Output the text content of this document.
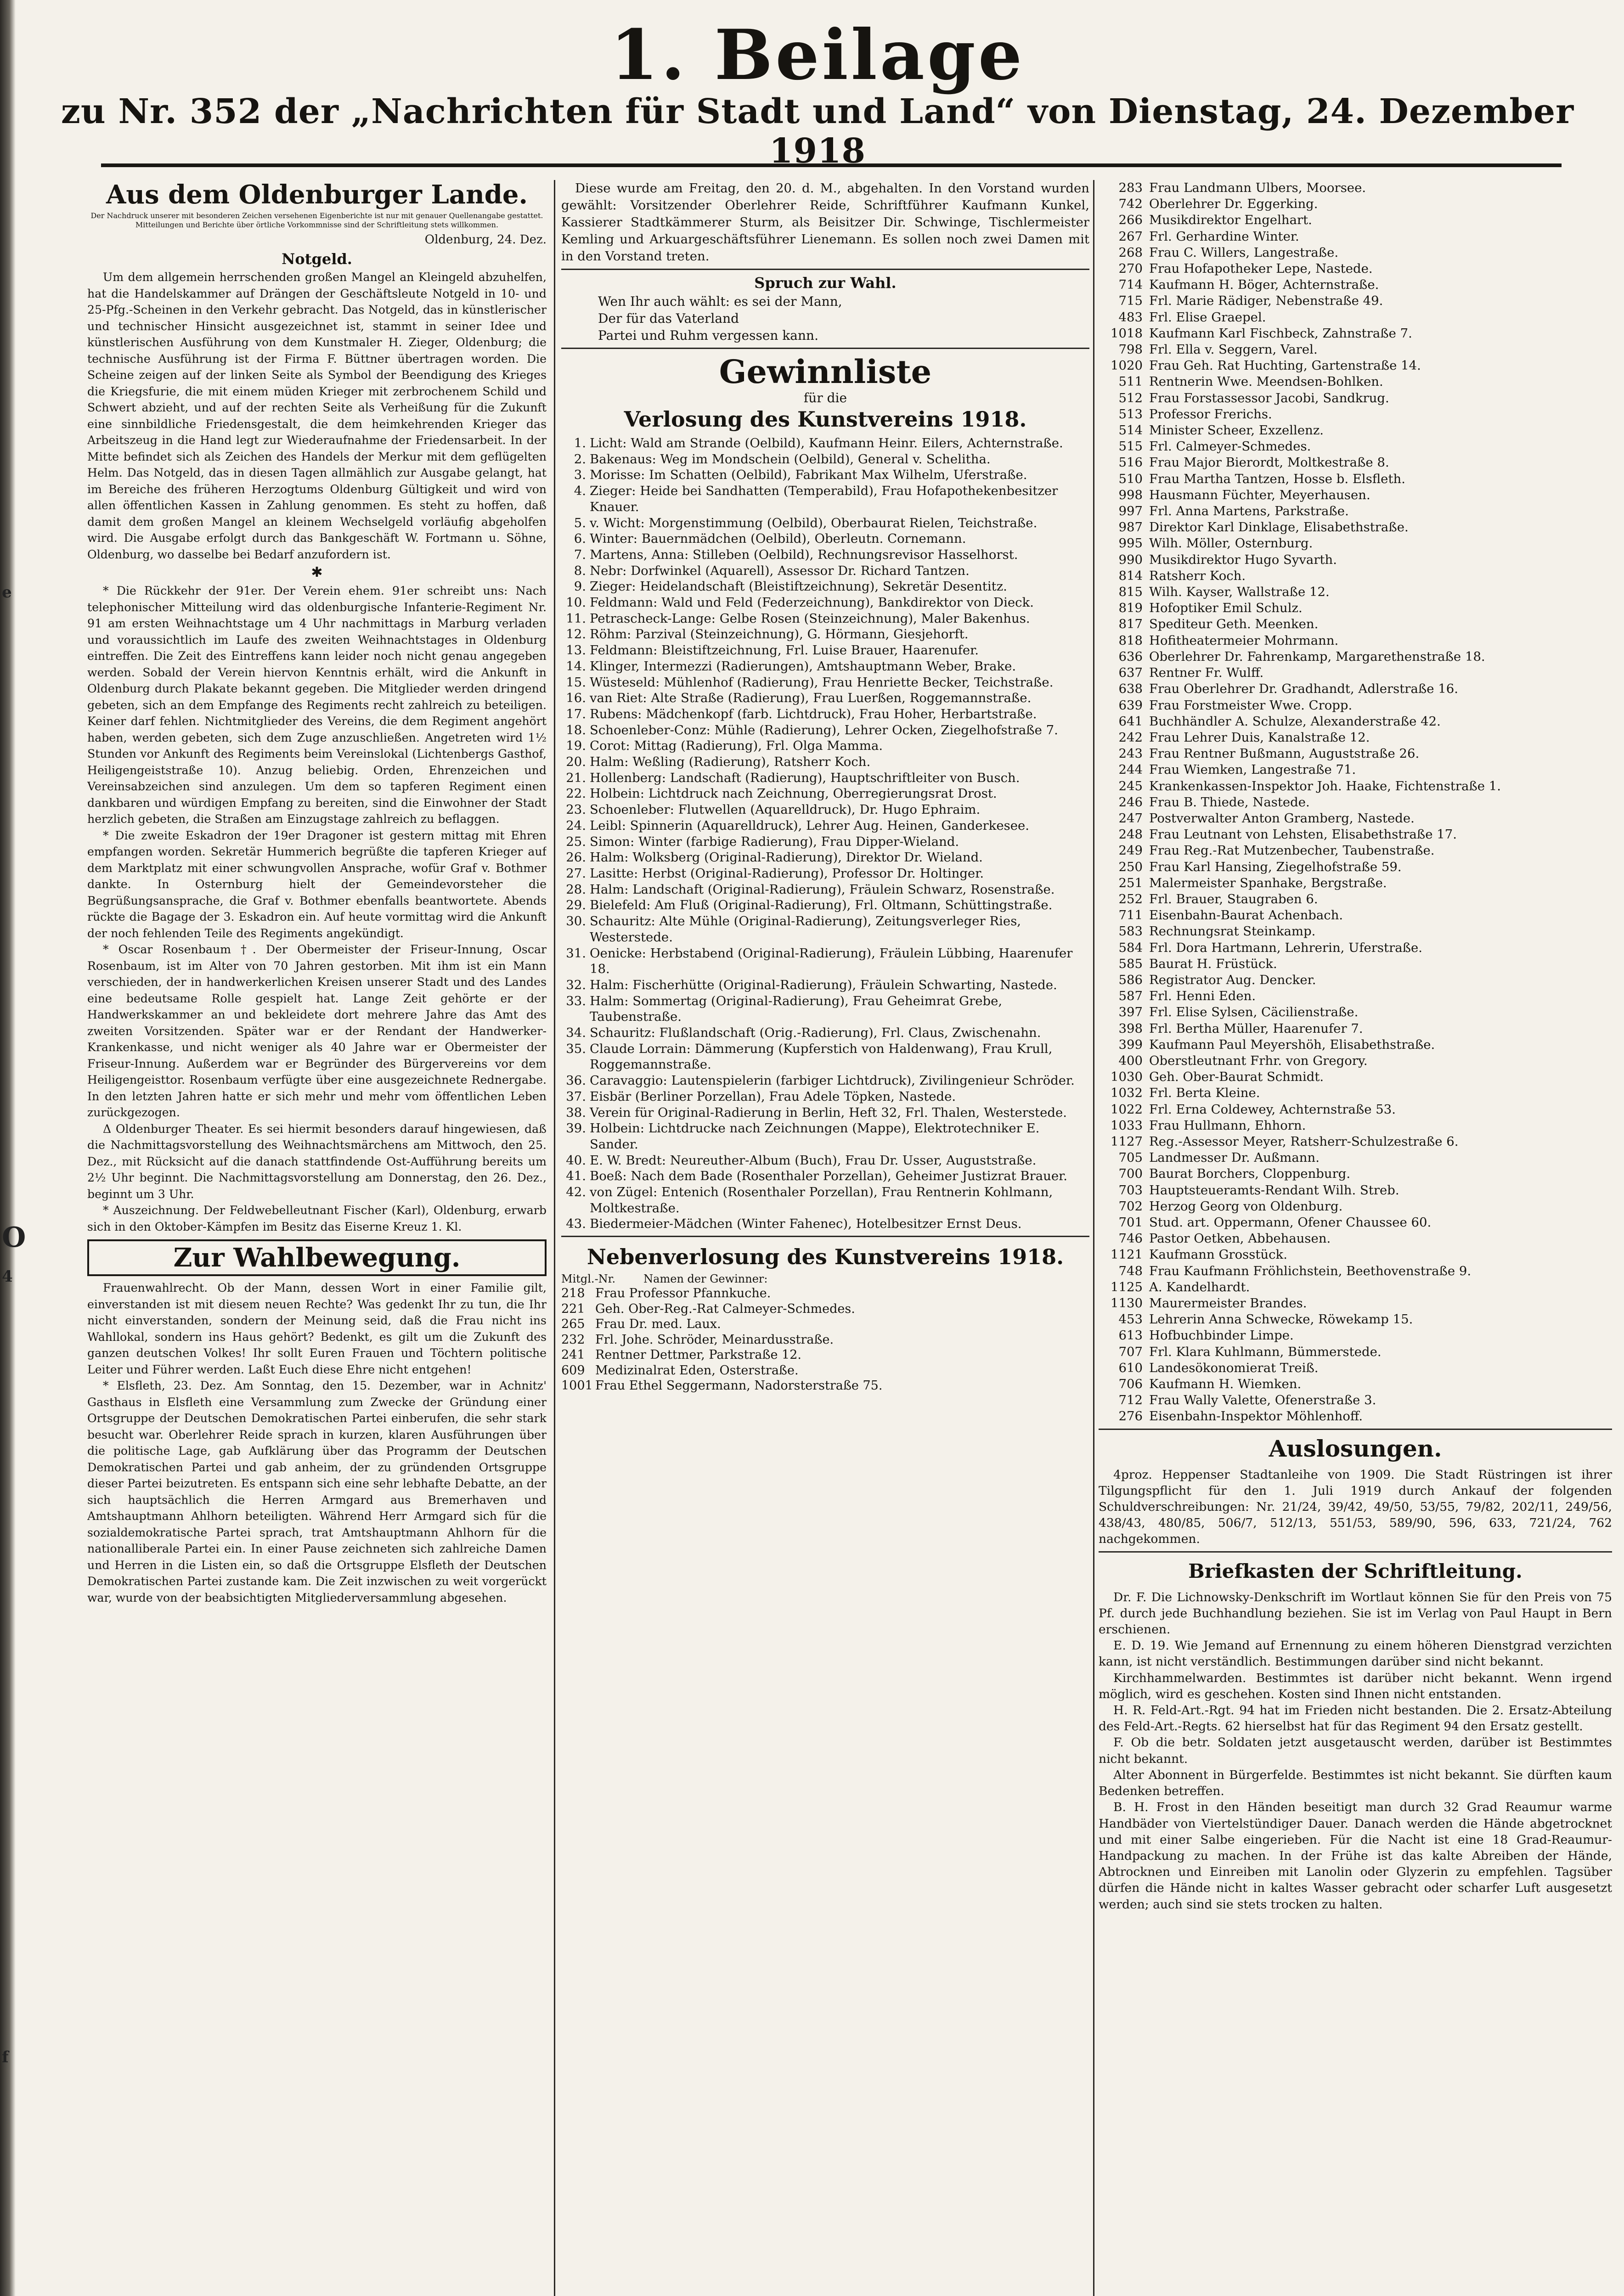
e
O
4
f
1. Beilage
zu Nr. 352 der „Nachrichten für Stadt und Land“ von Dienstag, 24. Dezember 1918

Aus dem Oldenburger Lande.

Der Nachdruck unserer mit besonderen Zeichen versehenen Eigenberichte ist nur mit genauer Quellenangabe gestattet. Mitteilungen und Berichte über örtliche Vorkommnisse sind der Schriftleitung stets willkommen.

Oldenburg, 24. Dez.

Notgeld.

Um dem allgemein herrschenden großen Mangel an Kleingeld abzuhelfen, hat die Handelskammer auf Drängen der Geschäftsleute Notgeld in 10- und 25-Pfg.-Scheinen in den Verkehr gebracht. Das Notgeld, das in künstlerischer und technischer Hinsicht ausgezeichnet ist, stammt in seiner Idee und künstlerischen Ausführung von dem Kunstmaler H. Zieger, Oldenburg; die technische Ausführung ist der Firma F. Büttner übertragen worden. Die Scheine zeigen auf der linken Seite als Symbol der Beendigung des Krieges die Kriegsfurie, die mit einem müden Krieger mit zerbrochenem Schild und Schwert abzieht, und auf der rechten Seite als Verheißung für die Zukunft eine sinnbildliche Friedensgestalt, die dem heimkehrenden Krieger das Arbeitszeug in die Hand legt zur Wiederaufnahme der Friedensarbeit. In der Mitte befindet sich als Zeichen des Handels der Merkur mit dem geflügelten Helm. Das Notgeld, das in diesen Tagen allmählich zur Ausgabe gelangt, hat im Bereiche des früheren Herzogtums Oldenburg Gültigkeit und wird von allen öffentlichen Kassen in Zahlung genommen. Es steht zu hoffen, daß damit dem großen Mangel an kleinem Wechselgeld vorläufig abgeholfen wird. Die Ausgabe erfolgt durch das Bankgeschäft W. Fortmann u. Söhne, Oldenburg, wo dasselbe bei Bedarf anzufordern ist.

✱

* Die Rückkehr der 91er. Der Verein ehem. 91er schreibt uns: Nach telephonischer Mitteilung wird das oldenburgische Infanterie-Regiment Nr. 91 am ersten Weihnachtstage um 4 Uhr nachmittags in Marburg verladen und voraussichtlich im Laufe des zweiten Weihnachtstages in Oldenburg eintreffen. Die Zeit des Eintreffens kann leider noch nicht genau angegeben werden. Sobald der Verein hiervon Kenntnis erhält, wird die Ankunft in Oldenburg durch Plakate bekannt gegeben. Die Mitglieder werden dringend gebeten, sich an dem Empfange des Regiments recht zahlreich zu beteiligen. Keiner darf fehlen. Nichtmitglieder des Vereins, die dem Regiment angehört haben, werden gebeten, sich dem Zuge anzuschließen. Angetreten wird 1½ Stunden vor Ankunft des Regiments beim Vereinslokal (Lichtenbergs Gasthof, Heiligengeiststraße 10). Anzug beliebig. Orden, Ehrenzeichen und Vereinsabzeichen sind anzulegen. Um dem so tapferen Regiment einen dankbaren und würdigen Empfang zu bereiten, sind die Einwohner der Stadt herzlich gebeten, die Straßen am Einzugstage zahlreich zu beflaggen.

* Die zweite Eskadron der 19er Dragoner ist gestern mittag mit Ehren empfangen worden. Sekretär Hummerich begrüßte die tapferen Krieger auf dem Marktplatz mit einer schwungvollen Ansprache, wofür Graf v. Bothmer dankte. In Osternburg hielt der Gemeindevorsteher die Begrüßungsansprache, die Graf v. Bothmer ebenfalls beantwortete. Abends rückte die Bagage der 3. Eskadron ein. Auf heute vormittag wird die Ankunft der noch fehlenden Teile des Regiments angekündigt.

* Oscar Rosenbaum †. Der Obermeister der Friseur-Innung, Oscar Rosenbaum, ist im Alter von 70 Jahren gestorben. Mit ihm ist ein Mann verschieden, der in handwerkerlichen Kreisen unserer Stadt und des Landes eine bedeutsame Rolle gespielt hat. Lange Zeit gehörte er der Handwerkskammer an und bekleidete dort mehrere Jahre das Amt des zweiten Vorsitzenden. Später war er der Rendant der Handwerker-Krankenkasse, und nicht weniger als 40 Jahre war er Obermeister der Friseur-Innung. Außerdem war er Begründer des Bürgervereins vor dem Heiligengeisttor. Rosenbaum verfügte über eine ausgezeichnete Rednergabe. In den letzten Jahren hatte er sich mehr und mehr vom öffentlichen Leben zurückgezogen.

Δ Oldenburger Theater. Es sei hiermit besonders darauf hingewiesen, daß die Nachmittagsvorstellung des Weihnachtsmärchens am Mittwoch, den 25. Dez., mit Rücksicht auf die danach stattfindende Ost-Aufführung bereits um 2½ Uhr beginnt. Die Nachmittagsvorstellung am Donnerstag, den 26. Dez., beginnt um 3 Uhr.

* Auszeichnung. Der Feldwebelleutnant Fischer (Karl), Oldenburg, erwarb sich in den Oktober-Kämpfen im Besitz das Eiserne Kreuz 1. Kl.

Zur Wahlbewegung.

Frauenwahlrecht. Ob der Mann, dessen Wort in einer Familie gilt, einverstanden ist mit diesem neuen Rechte? Was gedenkt Ihr zu tun, die Ihr nicht einverstanden, sondern der Meinung seid, daß die Frau nicht ins Wahllokal, sondern ins Haus gehört? Bedenkt, es gilt um die Zukunft des ganzen deutschen Volkes! Ihr sollt Euren Frauen und Töchtern politische Leiter und Führer werden. Laßt Euch diese Ehre nicht entgehen!

* Elsfleth, 23. Dez. Am Sonntag, den 15. Dezember, war in Achnitz' Gasthaus in Elsfleth eine Versammlung zum Zwecke der Gründung einer Ortsgruppe der Deutschen Demokratischen Partei einberufen, die sehr stark besucht war. Oberlehrer Reide sprach in kurzen, klaren Ausführungen über die politische Lage, gab Aufklärung über das Programm der Deutschen Demokratischen Partei und gab anheim, der zu gründenden Ortsgruppe dieser Partei beizutreten. Es entspann sich eine sehr lebhafte Debatte, an der sich hauptsächlich die Herren Armgard aus Bremerhaven und Amtshauptmann Ahlhorn beteiligten. Während Herr Armgard sich für die sozialdemokratische Partei sprach, trat Amtshauptmann Ahlhorn für die nationalliberale Partei ein. In einer Pause zeichneten sich zahlreiche Damen und Herren in die Listen ein, so daß die Ortsgruppe Elsfleth der Deutschen Demokratischen Partei zustande kam. Die Zeit inzwischen zu weit vorgerückt war, wurde von der beabsichtigten Mitgliederversammlung abgesehen.

Diese wurde am Freitag, den 20. d. M., abgehalten. In den Vorstand wurden gewählt: Vorsitzender Oberlehrer Reide, Schriftführer Kaufmann Kunkel, Kassierer Stadtkämmerer Sturm, als Beisitzer Dir. Schwinge, Tischlermeister Kemling und Arkuargeschäftsführer Lienemann. Es sollen noch zwei Damen mit in den Vorstand treten.

Spruch zur Wahl.

Wen Ihr auch wählt: es sei der Mann,

Der für das Vaterland

Partei und Ruhm vergessen kann.

Gewinnliste

für die

Verlosung des Kunstvereins 1918.

1. Licht: Wald am Strande (Oelbild), Kaufmann Heinr. Eilers, Achternstraße.

2. Bakenaus: Weg im Mondschein (Oelbild), General v. Schelitha.

3. Morisse: Im Schatten (Oelbild), Fabrikant Max Wilhelm, Uferstraße.

4. Zieger: Heide bei Sandhatten (Temperabild), Frau Hofapothekenbesitzer Knauer.

5. v. Wicht: Morgenstimmung (Oelbild), Oberbaurat Rielen, Teichstraße.

6. Winter: Bauernmädchen (Oelbild), Oberleutn. Cornemann.

7. Martens, Anna: Stilleben (Oelbild), Rechnungsrevisor Hasselhorst.

8. Nebr: Dorfwinkel (Aquarell), Assessor Dr. Richard Tantzen.

9. Zieger: Heidelandschaft (Bleistiftzeichnung), Sekretär Desentitz.

10. Feldmann: Wald und Feld (Federzeichnung), Bankdirektor von Dieck.

11. Petrascheck-Lange: Gelbe Rosen (Steinzeichnung), Maler Bakenhus.

12. Röhm: Parzival (Steinzeichnung), G. Hörmann, Giesjehorft.

13. Feldmann: Bleistiftzeichnung, Frl. Luise Brauer, Haarenufer.

14. Klinger, Intermezzi (Radierungen), Amtshauptmann Weber, Brake.

15. Wüsteseld: Mühlenhof (Radierung), Frau Henriette Becker, Teichstraße.

16. van Riet: Alte Straße (Radierung), Frau Luerßen, Roggemannstraße.

17. Rubens: Mädchenkopf (farb. Lichtdruck), Frau Hoher, Herbartstraße.

18. Schoenleber-Conz: Mühle (Radierung), Lehrer Ocken, Ziegelhofstraße 7.

19. Corot: Mittag (Radierung), Frl. Olga Mamma.

20. Halm: Weßling (Radierung), Ratsherr Koch.

21. Hollenberg: Landschaft (Radierung), Hauptschriftleiter von Busch.

22. Holbein: Lichtdruck nach Zeichnung, Oberregierungsrat Drost.

23. Schoenleber: Flutwellen (Aquarelldruck), Dr. Hugo Ephraim.

24. Leibl: Spinnerin (Aquarelldruck), Lehrer Aug. Heinen, Ganderkesee.

25. Simon: Winter (farbige Radierung), Frau Dipper-Wieland.

26. Halm: Wolksberg (Original-Radierung), Direktor Dr. Wieland.

27. Lasitte: Herbst (Original-Radierung), Professor Dr. Holtinger.

28. Halm: Landschaft (Original-Radierung), Fräulein Schwarz, Rosenstraße.

29. Bielefeld: Am Fluß (Original-Radierung), Frl. Oltmann, Schüttingstraße.

30. Schauritz: Alte Mühle (Original-Radierung), Zeitungsverleger Ries, Westerstede.

31. Oenicke: Herbstabend (Original-Radierung), Fräulein Lübbing, Haarenufer 18.

32. Halm: Fischerhütte (Original-Radierung), Fräulein Schwarting, Nastede.

33. Halm: Sommertag (Original-Radierung), Frau Geheimrat Grebe, Taubenstraße.

34. Schauritz: Flußlandschaft (Orig.-Radierung), Frl. Claus, Zwischenahn.

35. Claude Lorrain: Dämmerung (Kupferstich von Haldenwang), Frau Krull, Roggemannstraße.

36. Caravaggio: Lautenspielerin (farbiger Lichtdruck), Zivilingenieur Schröder.

37. Eisbär (Berliner Porzellan), Frau Adele Töpken, Nastede.

38. Verein für Original-Radierung in Berlin, Heft 32, Frl. Thalen, Westerstede.

39. Holbein: Lichtdrucke nach Zeichnungen (Mappe), Elektrotechniker E. Sander.

40. E. W. Bredt: Neureuther-Album (Buch), Frau Dr. Usser, Auguststraße.

41. Boeß: Nach dem Bade (Rosenthaler Porzellan), Geheimer Justizrat Brauer.

42. von Zügel: Entenich (Rosenthaler Porzellan), Frau Rentnerin Kohlmann, Moltkestraße.

43. Biedermeier-Mädchen (Winter Fahenec), Hotelbesitzer Ernst Deus.

Nebenverlosung des Kunstvereins 1918.

Mitgl.-Nr.	Namen der Gewinner:

218 Frau Professor Pfannkuche.

221 Geh. Ober-Reg.-Rat Calmeyer-Schmedes.

265 Frau Dr. med. Laux.

232 Frl. Johe. Schröder, Meinardusstraße.

241 Rentner Dettmer, Parkstraße 12.

609 Medizinalrat Eden, Osterstraße.

1001 Frau Ethel Seggermann, Nadorsterstraße 75.

283 Frau Landmann Ulbers, Moorsee.

742 Oberlehrer Dr. Eggerking.

266 Musikdirektor Engelhart.

267 Frl. Gerhardine Winter.

268 Frau C. Willers, Langestraße.

270 Frau Hofapotheker Lepe, Nastede.

714 Kaufmann H. Böger, Achternstraße.

715 Frl. Marie Rädiger, Nebenstraße 49.

483 Frl. Elise Graepel.

1018 Kaufmann Karl Fischbeck, Zahnstraße 7.

798 Frl. Ella v. Seggern, Varel.

1020 Frau Geh. Rat Huchting, Gartenstraße 14.

511 Rentnerin Wwe. Meendsen-Bohlken.

512 Frau Forstassessor Jacobi, Sandkrug.

513 Professor Frerichs.

514 Minister Scheer, Exzellenz.

515 Frl. Calmeyer-Schmedes.

516 Frau Major Bierordt, Moltkestraße 8.

510 Frau Martha Tantzen, Hosse b. Elsfleth.

998 Hausmann Füchter, Meyerhausen.

997 Frl. Anna Martens, Parkstraße.

987 Direktor Karl Dinklage, Elisabethstraße.

995 Wilh. Möller, Osternburg.

990 Musikdirektor Hugo Syvarth.

814 Ratsherr Koch.

815 Wilh. Kayser, Wallstraße 12.

819 Hofoptiker Emil Schulz.

817 Spediteur Geth. Meenken.

818 Hofitheatermeier Mohrmann.

636 Oberlehrer Dr. Fahrenkamp, Margarethenstraße 18.

637 Rentner Fr. Wulff.

638 Frau Oberlehrer Dr. Gradhandt, Adlerstraße 16.

639 Frau Forstmeister Wwe. Cropp.

641 Buchhändler A. Schulze, Alexanderstraße 42.

242 Frau Lehrer Duis, Kanalstraße 12.

243 Frau Rentner Bußmann, Auguststraße 26.

244 Frau Wiemken, Langestraße 71.

245 Krankenkassen-Inspektor Joh. Haake, Fichtenstraße 1.

246 Frau B. Thiede, Nastede.

247 Postverwalter Anton Gramberg, Nastede.

248 Frau Leutnant von Lehsten, Elisabethstraße 17.

249 Frau Reg.-Rat Mutzenbecher, Taubenstraße.

250 Frau Karl Hansing, Ziegelhofstraße 59.

251 Malermeister Spanhake, Bergstraße.

252 Frl. Brauer, Staugraben 6.

711 Eisenbahn-Baurat Achenbach.

583 Rechnungsrat Steinkamp.

584 Frl. Dora Hartmann, Lehrerin, Uferstraße.

585 Baurat H. Früstück.

586 Registrator Aug. Dencker.

587 Frl. Henni Eden.

397 Frl. Elise Sylsen, Cäcilienstraße.

398 Frl. Bertha Müller, Haarenufer 7.

399 Kaufmann Paul Meyershöh, Elisabethstraße.

400 Oberstleutnant Frhr. von Gregory.

1030 Geh. Ober-Baurat Schmidt.

1032 Frl. Berta Kleine.

1022 Frl. Erna Coldewey, Achternstraße 53.

1033 Frau Hullmann, Ehhorn.

1127 Reg.-Assessor Meyer, Ratsherr-Schulzestraße 6.

705 Landmesser Dr. Außmann.

700 Baurat Borchers, Cloppenburg.

703 Hauptsteueramts-Rendant Wilh. Streb.

702 Herzog Georg von Oldenburg.

701 Stud. art. Oppermann, Ofener Chaussee 60.

746 Pastor Oetken, Abbehausen.

1121 Kaufmann Grosstück.

748 Frau Kaufmann Fröhlichstein, Beethovenstraße 9.

1125 A. Kandelhardt.

1130 Maurermeister Brandes.

453 Lehrerin Anna Schwecke, Röwekamp 15.

613 Hofbuchbinder Limpe.

707 Frl. Klara Kuhlmann, Bümmerstede.

610 Landesökonomierat Treiß.

706 Kaufmann H. Wiemken.

712 Frau Wally Valette, Ofenerstraße 3.

276 Eisenbahn-Inspektor Möhlenhoff.

Auslosungen.

4proz. Heppenser Stadtanleihe von 1909. Die Stadt Rüstringen ist ihrer Tilgungspflicht für den 1. Juli 1919 durch Ankauf der folgenden Schuldverschreibungen: Nr. 21/24, 39/42, 49/50, 53/55, 79/82, 202/11, 249/56, 438/43, 480/85, 506/7, 512/13, 551/53, 589/90, 596, 633, 721/24, 762 nachgekommen.

Briefkasten der Schriftleitung.

Dr. F. Die Lichnowsky-Denkschrift im Wortlaut können Sie für den Preis von 75 Pf. durch jede Buchhandlung beziehen. Sie ist im Verlag von Paul Haupt in Bern erschienen.

E. D. 19. Wie Jemand auf Ernennung zu einem höheren Dienstgrad verzichten kann, ist nicht verständlich. Bestimmungen darüber sind nicht bekannt.

Kirchhammelwarden. Bestimmtes ist darüber nicht bekannt. Wenn irgend möglich, wird es geschehen. Kosten sind Ihnen nicht entstanden.

H. R. Feld-Art.-Rgt. 94 hat im Frieden nicht bestanden. Die 2. Ersatz-Abteilung des Feld-Art.-Regts. 62 hierselbst hat für das Regiment 94 den Ersatz gestellt.

F. Ob die betr. Soldaten jetzt ausgetauscht werden, darüber ist Bestimmtes nicht bekannt.

Alter Abonnent in Bürgerfelde. Bestimmtes ist nicht bekannt. Sie dürften kaum Bedenken betreffen.

B. H. Frost in den Händen beseitigt man durch 32 Grad Reaumur warme Handbäder von Viertelstündiger Dauer. Danach werden die Hände abgetrocknet und mit einer Salbe eingerieben. Für die Nacht ist eine 18 Grad-Reaumur-Handpackung zu machen. In der Frühe ist das kalte Abreiben der Hände, Abtrocknen und Einreiben mit Lanolin oder Glyzerin zu empfehlen. Tagsüber dürfen die Hände nicht in kaltes Wasser gebracht oder scharfer Luft ausgesetzt werden; auch sind sie stets trocken zu halten.
